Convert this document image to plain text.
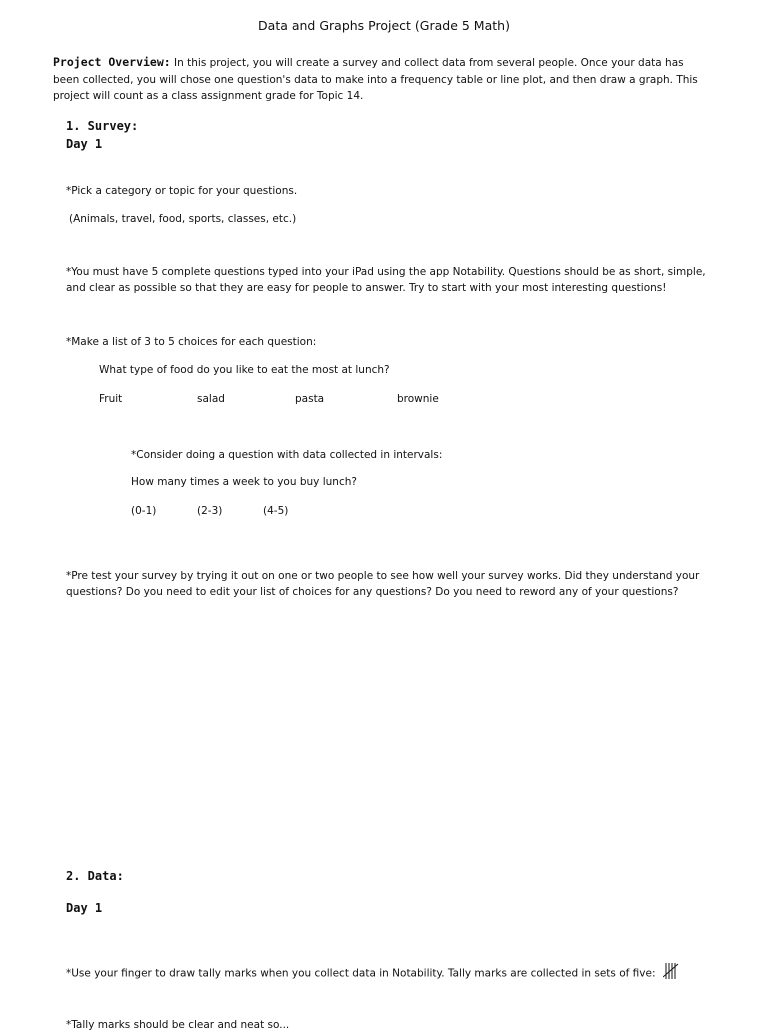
Data and Graphs Project (Grade 5 Math)
Project Overview: In this project, you will create a survey and collect data from several people. Once your data has been collected, you will chose one question's data to make into a frequency table or line plot, and then draw a graph. This project will count as a class assignment grade for Topic 14.
1. Survey:
Day 1
*Pick a category or topic for your questions.
(Animals, travel, food, sports, classes, etc.)
*You must have 5 complete questions typed into your iPad using the app Notability. Questions should be as short, simple, and clear as possible so that they are easy for people to answer. Try to start with your most interesting questions!
*Make a list of 3 to 5 choices for each question:
What type of food do you like to eat the most at lunch?
Fruit	salad	pasta	brownie
*Consider doing a question with data collected in intervals:
How many times a week to you buy lunch?
(0-1)	(2-3)	(4-5)
*Pre test your survey by trying it out on one or two people to see how well your survey works. Did they understand your questions? Do you need to edit your list of choices for any questions? Do you need to reword any of your questions?
2. Data:
Day 1
*Use your finger to draw tally marks when you collect data in Notability. Tally marks are collected in sets of five:
*Tally marks should be clear and neat so...
